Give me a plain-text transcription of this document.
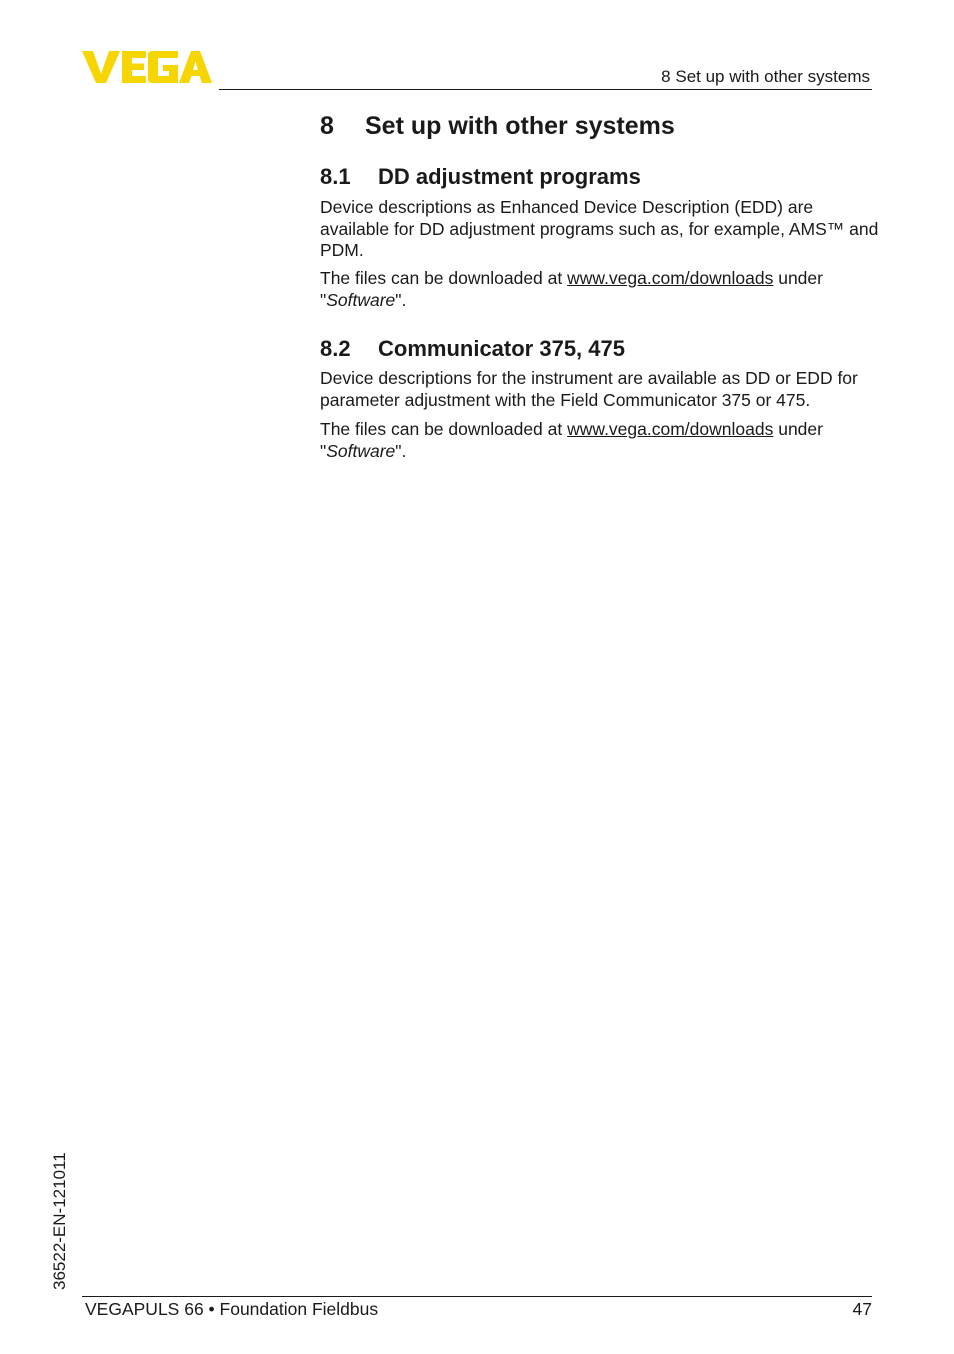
8 Set up with other systems
8 Set up with other systems
8.1 DD adjustment programs
Device descriptions as Enhanced Device Description (EDD) are available for DD adjustment programs such as, for example, AMS™ and PDM.
The files can be downloaded at www.vega.com/downloads under
"Software".
8.2 Communicator 375, 475
Device descriptions for the instrument are available as DD or EDD for parameter adjustment with the Field Communicator 375 or 475.
The files can be downloaded at www.vega.com/downloads under
"Software".
36522-EN-121011
VEGAPULS 66 • Foundation Fieldbus	47
